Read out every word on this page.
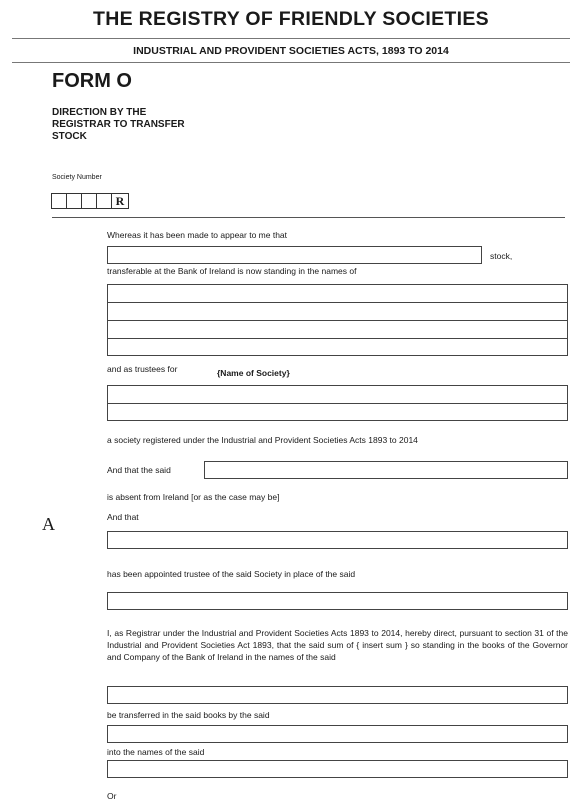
THE REGISTRY OF FRIENDLY SOCIETIES
INDUSTRIAL AND PROVIDENT SOCIETIES ACTS, 1893 TO 2014
FORM O
DIRECTION BY THE
REGISTRAR TO TRANSFER
STOCK
Society Number
R
Whereas it has been made to appear to me that
stock,
transferable at the Bank of Ireland is now standing in the names of
and as trustees for	{Name of Society}
a society registered under the Industrial and Provident Societies Acts 1893 to 2014
And that the said
is absent from Ireland [or as the case may be]
And that
A
has been appointed trustee of the said Society in place of the said
I, as Registrar under the Industrial and Provident Societies Acts 1893 to 2014, hereby direct, pursuant to section 31 of the Industrial and Provident Societies Act 1893, that the said sum of { insert sum } so standing in the books of the Governor and Company of the Bank of Ireland in the names of the said
be transferred in the said books by the said
into the names of the said
Or
